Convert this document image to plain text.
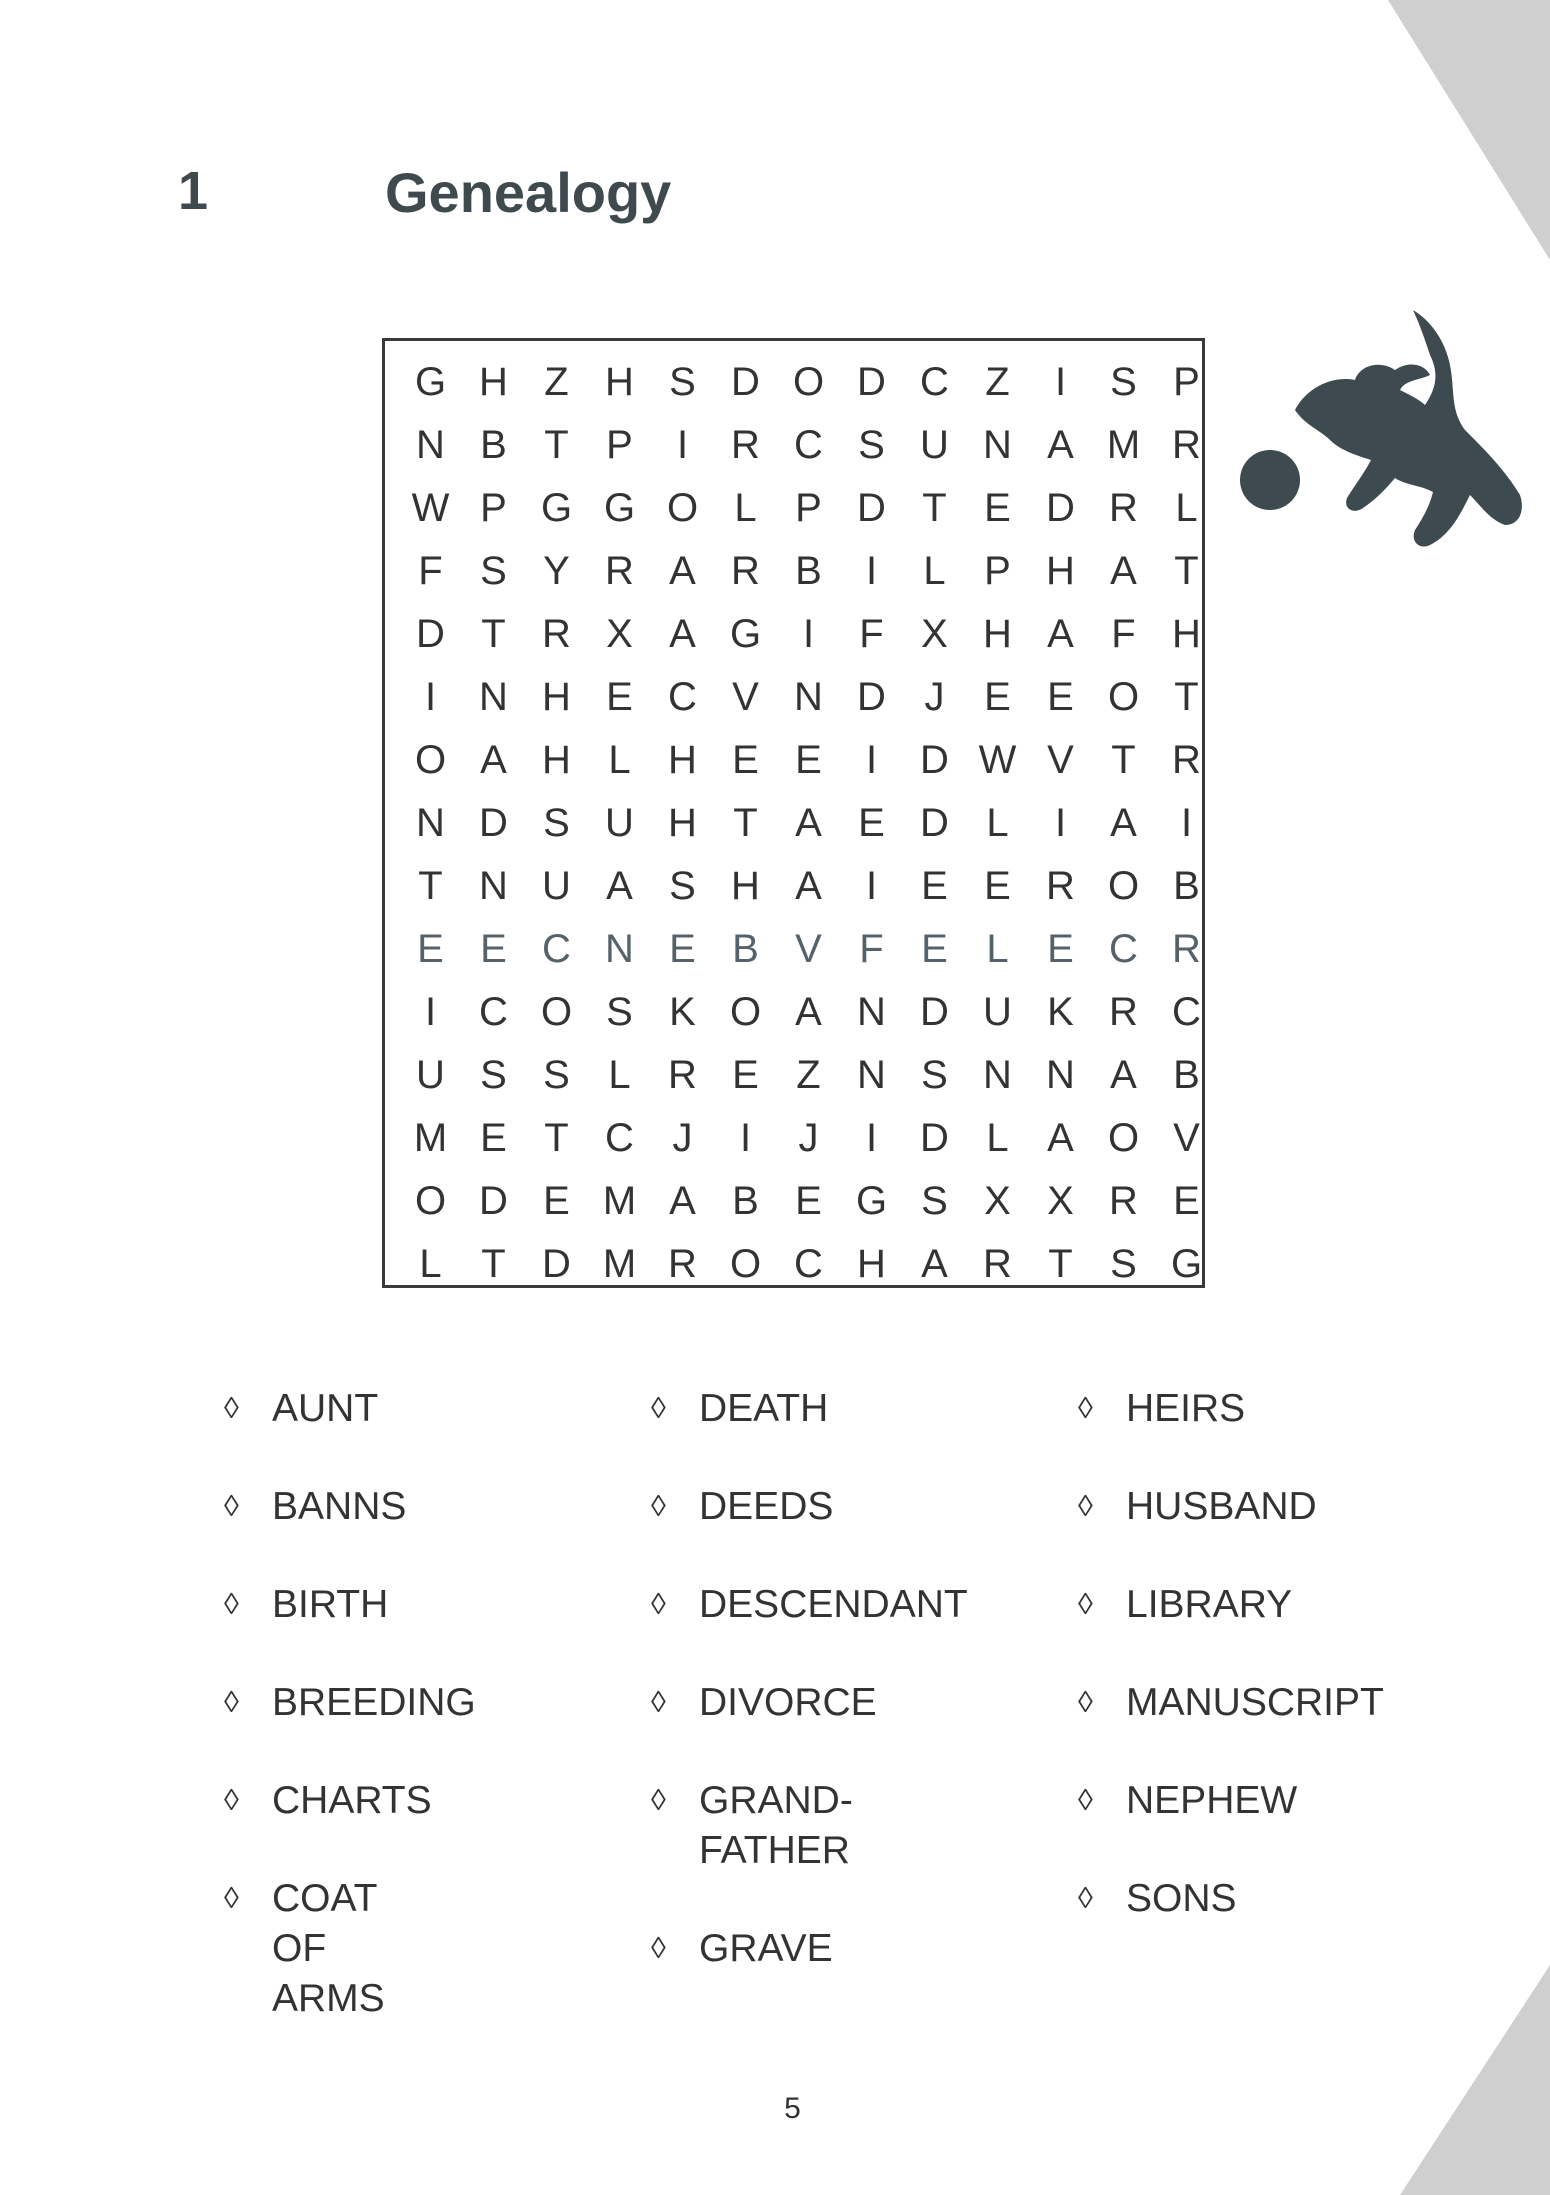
1	Genealogy
G H Z H S D O D C Z	I	S P
N B T P	I	R C S U N A M R
W P G G O L P D T E D R L
F S Y R A R B	I	L P H A T
D T R X A G	I	F X H A F H
I	N H E C V N D J E E O T
O A H L H E E	I	D W V T R
N D S U H T A E D L	I	A	I
T N U A S H A	I	E E R O B
E E C N E B V F E L E C R
I	C O S K O A N D U K R C
U S S L R E Z N S N N A B
M E T C J	I	J	I	D L A O V
O D E M A B E G S X X R E
L T D M R O C H A R T S G
◊ AUNT
◊ BANNS
◊ BIRTH
◊ BREEDING
◊ CHARTS
◊ COAT OF
ARMS
◊ DEATH
◊ DEEDS
◊ DESCENDANT
◊ DIVORCE
◊ GRAND-
FATHER
◊ GRAVE
◊ HEIRS
◊ HUSBAND
◊ LIBRARY
◊ MANUSCRIPT
◊ NEPHEW
◊ SONS
5
